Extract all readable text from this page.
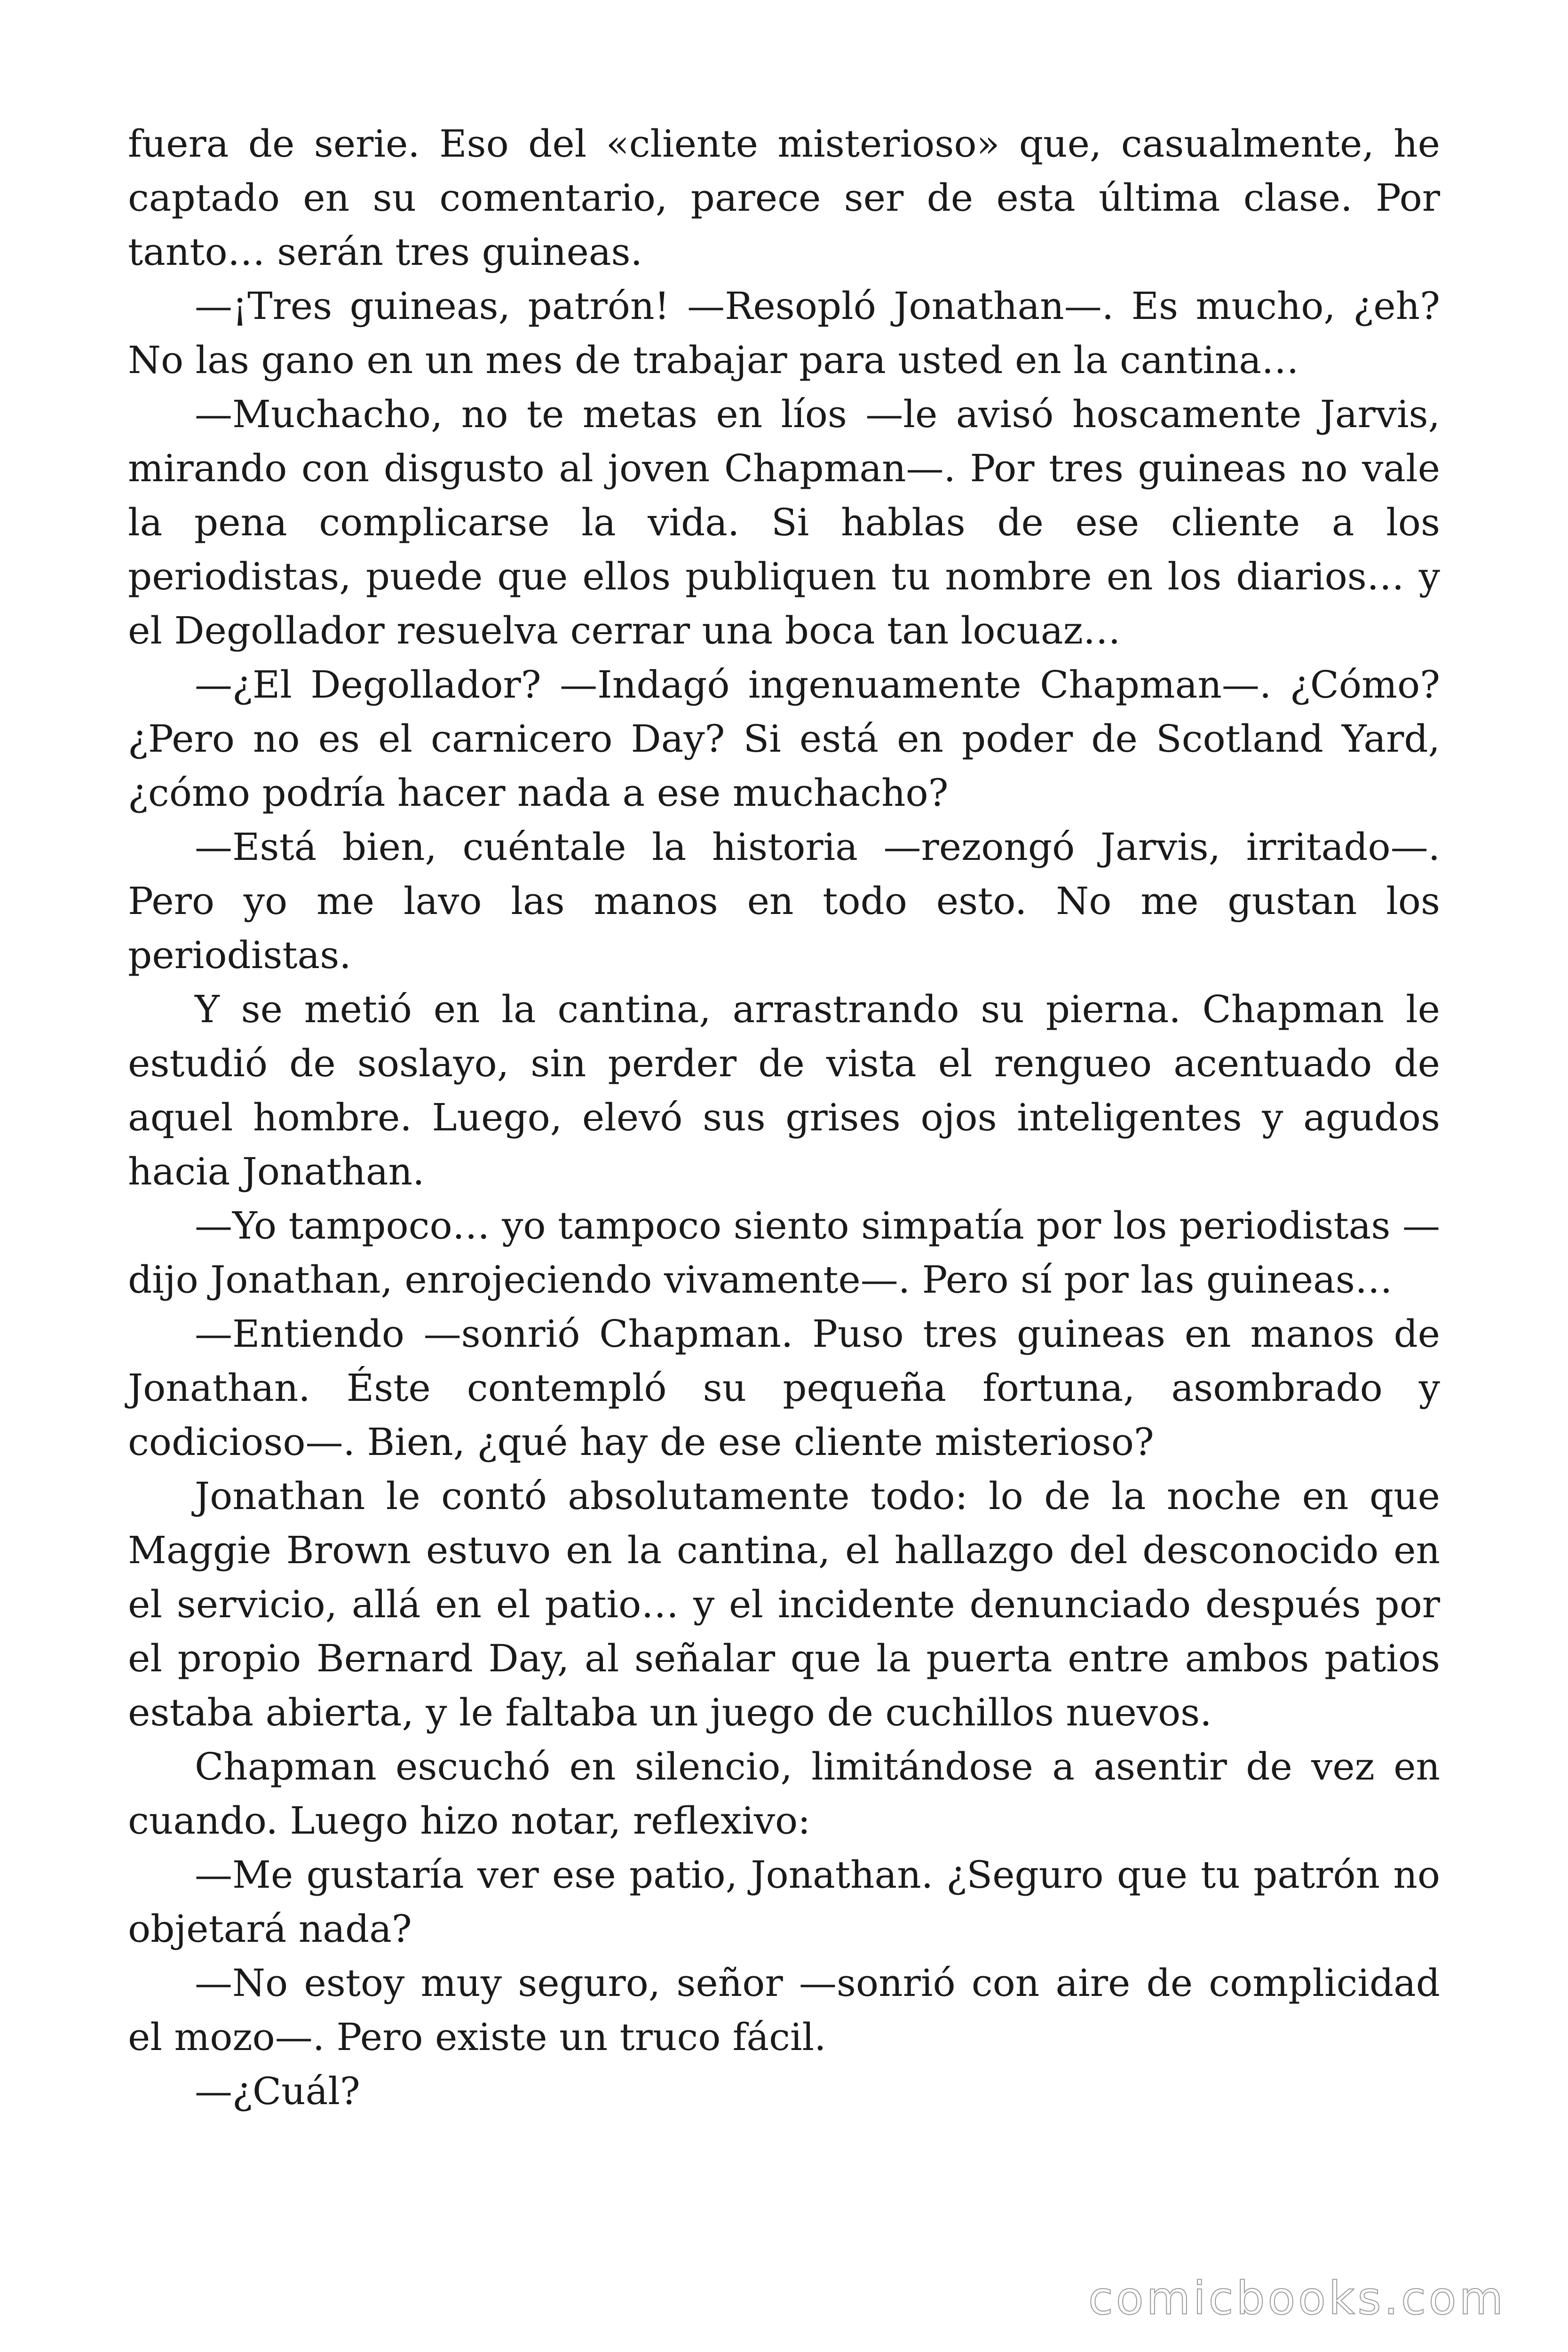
fuera de serie. Eso del «cliente misterioso» que, casualmente, he captado en su comentario, parece ser de esta última clase. Por tanto… serán tres guineas.

—¡Tres guineas, patrón! —Resopló Jonathan—. Es mucho, ¿eh? No las gano en un mes de trabajar para usted en la cantina…

—Muchacho, no te metas en líos —le avisó hoscamente Jarvis, mirando con disgusto al joven Chapman—. Por tres guineas no vale la pena complicarse la vida. Si hablas de ese cliente a los periodistas, puede que ellos publiquen tu nombre en los diarios… y el Degollador resuelva cerrar una boca tan locuaz…

—¿El Degollador? —Indagó ingenuamente Chapman—. ¿Cómo? ¿Pero no es el carnicero Day? Si está en poder de Scotland Yard, ¿cómo podría hacer nada a ese muchacho?

—Está bien, cuéntale la historia —rezongó Jarvis, irritado—. Pero yo me lavo las manos en todo esto. No me gustan los periodistas.

Y se metió en la cantina, arrastrando su pierna. Chapman le estudió de soslayo, sin perder de vista el rengueo acentuado de aquel hombre. Luego, elevó sus grises ojos inteligentes y agudos hacia Jonathan.

—Yo tampoco… yo tampoco siento simpatía por los periodistas —dijo Jonathan, enrojeciendo vivamente—. Pero sí por las guineas…

—Entiendo —sonrió Chapman. Puso tres guineas en manos de Jonathan. Éste contempló su pequeña fortuna, asombrado y codicioso—. Bien, ¿qué hay de ese cliente misterioso?

Jonathan le contó absolutamente todo: lo de la noche en que Maggie Brown estuvo en la cantina, el hallazgo del desconocido en el servicio, allá en el patio… y el incidente denunciado después por el propio Bernard Day, al señalar que la puerta entre ambos patios estaba abierta, y le faltaba un juego de cuchillos nuevos.

Chapman escuchó en silencio, limitándose a asentir de vez en cuando. Luego hizo notar, reflexivo:

—Me gustaría ver ese patio, Jonathan. ¿Seguro que tu patrón no objetará nada?

—No estoy muy seguro, señor —sonrió con aire de complicidad el mozo—. Pero existe un truco fácil.

—¿Cuál?

comicbooks.com
